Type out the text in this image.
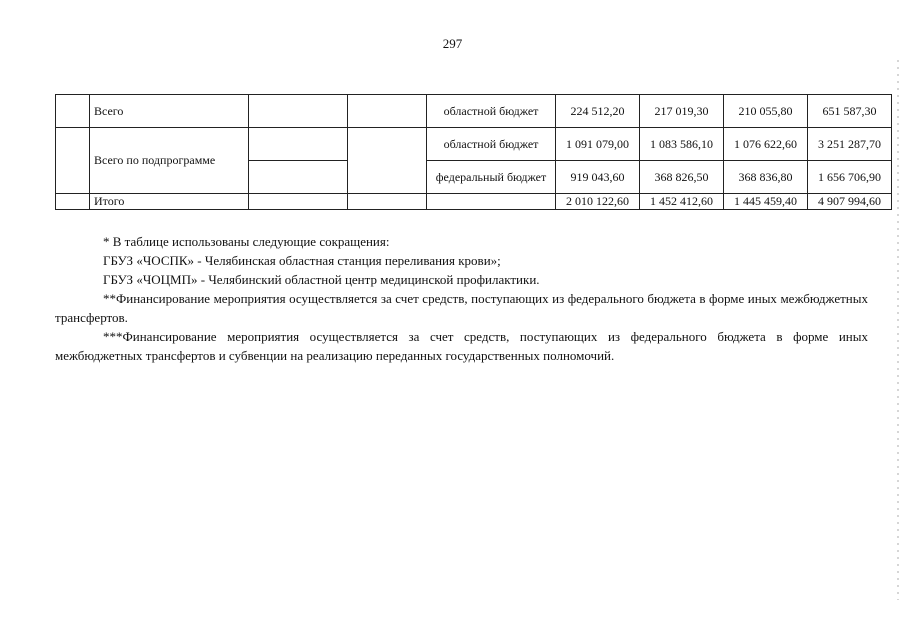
297
	Всего			областной бюджет	224 512,20	217 019,30	210 055,80	651 587,30
	Всего по подпрограмме			областной бюджет	1 091 079,00	1 083 586,10	1 076 622,60	3 251 287,70
				федеральный бюджет	919 043,60	368 826,50	368 836,80	1 656 706,90
	Итого				2 010 122,60	1 452 412,60	1 445 459,40	4 907 994,60

* В таблице использованы следующие сокращения:

ГБУЗ «ЧОСПК» - Челябинская областная станция переливания крови»;

ГБУЗ «ЧОЦМП» - Челябинский областной центр медицинской профилактики.

**Финансирование мероприятия осуществляется за счет средств, поступающих из федерального бюджета в форме иных межбюджетных трансфертов.

***Финансирование мероприятия осуществляется за счет средств, поступающих из федерального бюджета в форме иных межбюджетных трансфертов и субвенции на реализацию переданных государственных полномочий.
